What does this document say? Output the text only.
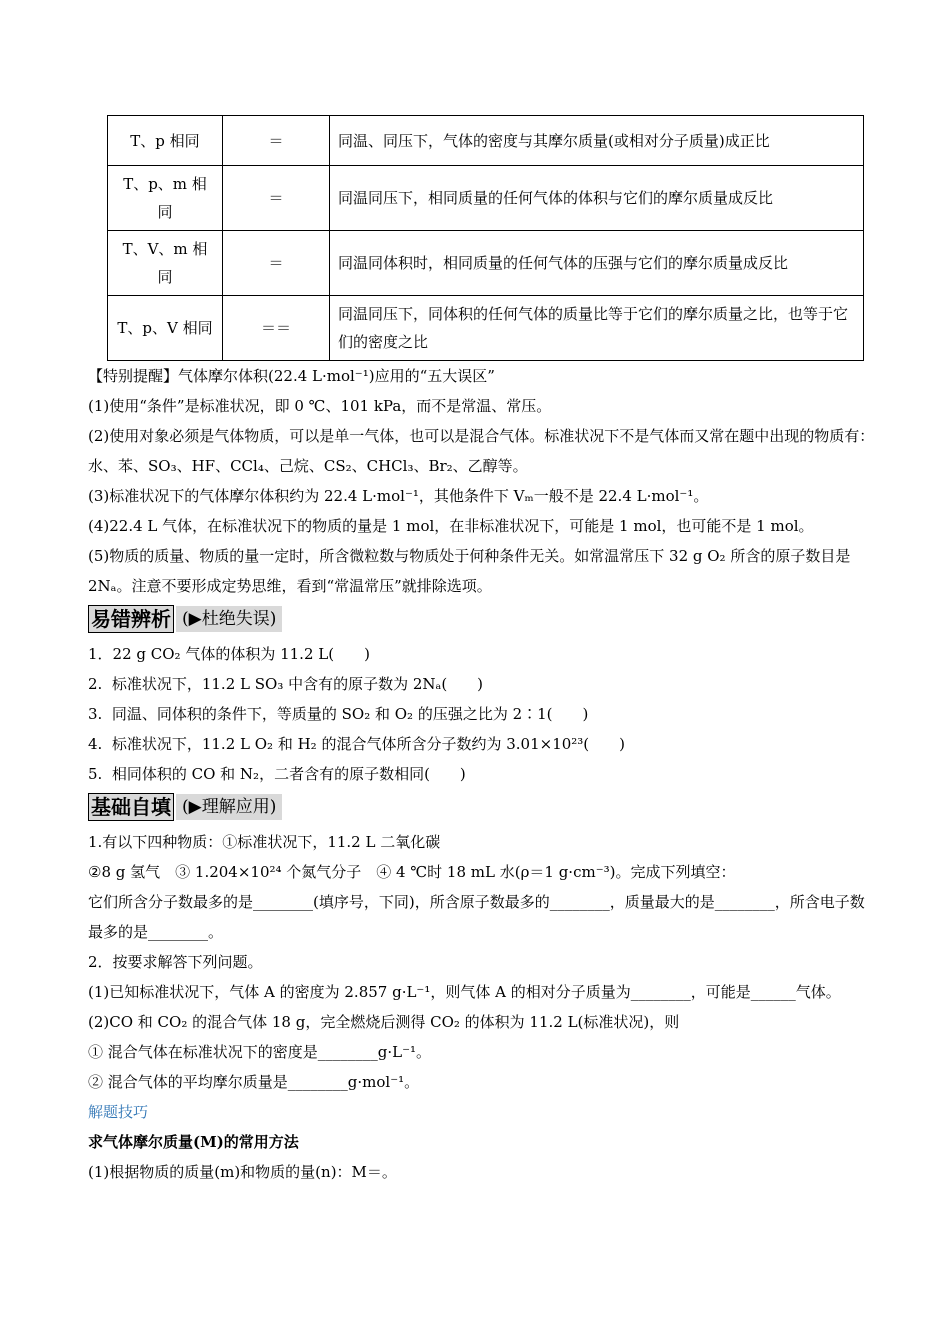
T、p 相同	＝	同温、同压下，气体的密度与其摩尔质量(或相对分子质量)成正比
T、p、m 相同	＝	同温同压下，相同质量的任何气体的体积与它们的摩尔质量成反比
T、V、m 相同	＝	同温同体积时，相同质量的任何气体的压强与它们的摩尔质量成反比
T、p、V 相同	＝＝	同温同压下，同体积的任何气体的质量比等于它们的摩尔质量之比，也等于它们的密度之比

【特别提醒】气体摩尔体积(22.4 L·mol⁻¹)应用的“五大误区”

(1)使用“条件”是标准状况，即 0 ℃、101 kPa，而不是常温、常压。

(2)使用对象必须是气体物质，可以是单一气体，也可以是混合气体。标准状况下不是气体而又常在题中出现的物质有：水、苯、SO₃、HF、CCl₄、己烷、CS₂、CHCl₃、Br₂、乙醇等。

(3)标准状况下的气体摩尔体积约为 22.4 L·mol⁻¹，其他条件下 Vₘ一般不是 22.4 L·mol⁻¹。

(4)22.4 L 气体，在标准状况下的物质的量是 1 mol，在非标准状况下，可能是 1 mol，也可能不是 1 mol。

(5)物质的质量、物质的量一定时，所含微粒数与物质处于何种条件无关。如常温常压下 32 g O₂ 所含的原子数目是 2Nₐ。注意不要形成定势思维，看到“常温常压”就排除选项。

易错辨析 (▶杜绝失误)

1．22 g CO₂ 气体的体积为 11.2 L(　　)

2.  标准状况下，11.2 L SO₃ 中含有的原子数为 2Nₐ(　　)

3.  同温、同体积的条件下，等质量的 SO₂ 和 O₂ 的压强之比为 2∶1(　　)

4.  标准状况下，11.2 L O₂ 和 H₂ 的混合气体所含分子数约为 3.01×10²³(　　)

5.  相同体积的 CO 和 N₂，二者含有的原子数相同(　　)

基础自填 (▶理解应用)

1.有以下四种物质：①标准状况下，11.2 L 二氧化碳

②8 g 氢气　③ 1.204×10²⁴ 个氮气分子　④ 4 ℃时 18 mL 水(ρ＝1 g·cm⁻³)。完成下列填空：

它们所含分子数最多的是________(填序号，下同)，所含原子数最多的________，质量最大的是________，所含电子数最多的是________。

2．按要求解答下列问题。

(1)已知标准状况下，气体 A 的密度为 2.857 g·L⁻¹，则气体 A 的相对分子质量为________，可能是______气体。

(2)CO 和 CO₂ 的混合气体 18 g，完全燃烧后测得 CO₂ 的体积为 11.2 L(标准状况)，则

① 混合气体在标准状况下的密度是________g·L⁻¹。

② 混合气体的平均摩尔质量是________g·mol⁻¹。

解题技巧

求气体摩尔质量(M)的常用方法

(1)根据物质的质量(m)和物质的量(n)：M＝。
